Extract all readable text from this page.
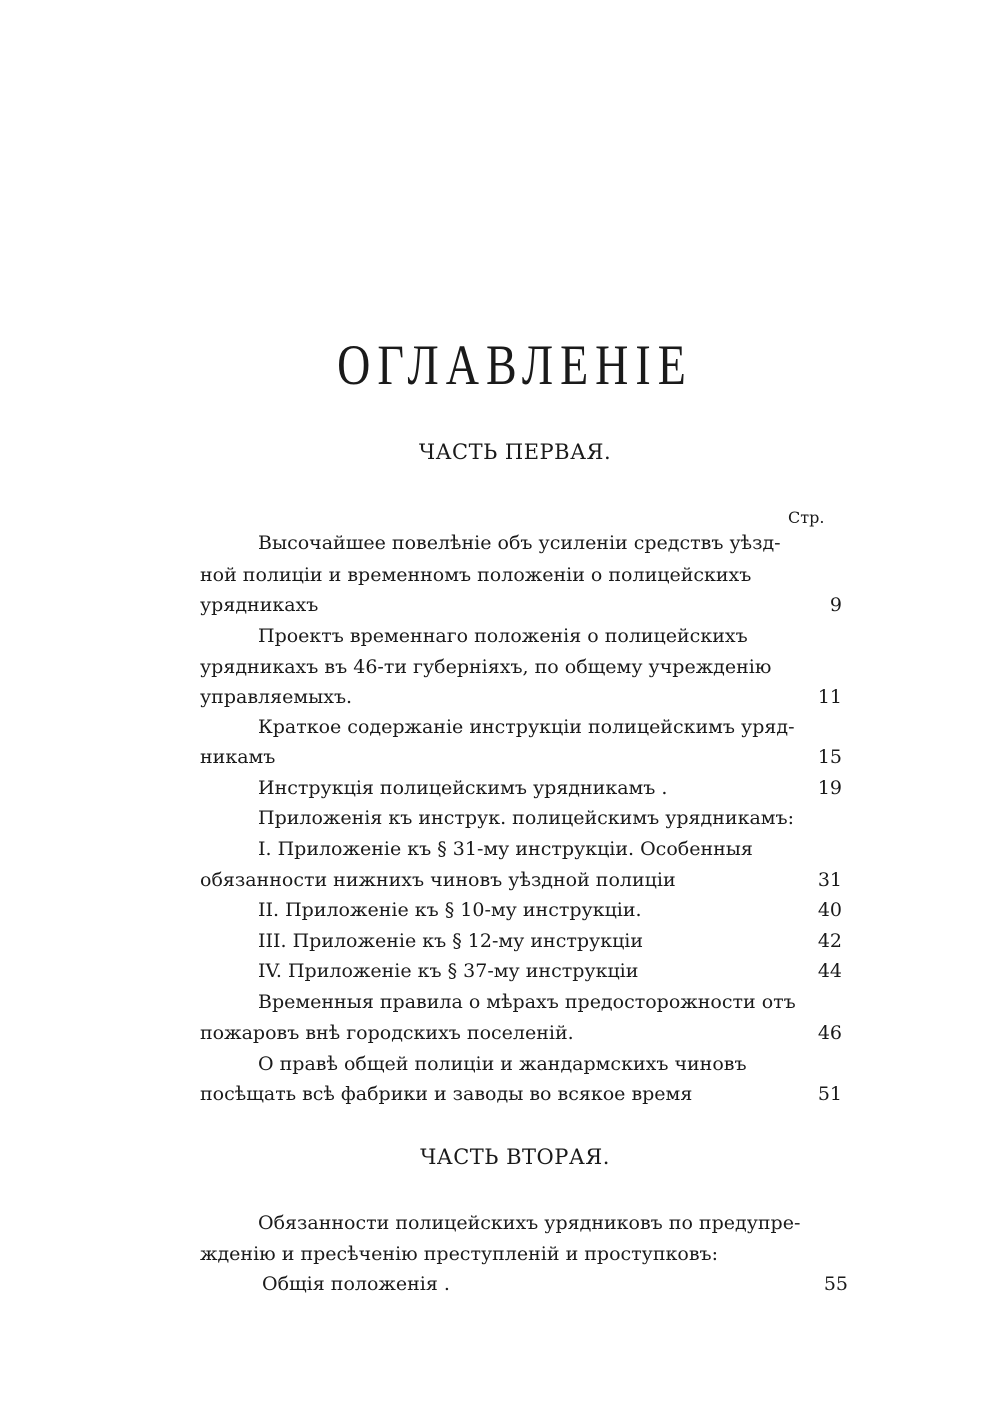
ОГЛАВЛЕНІЕ
ЧАСТЬ ПЕРВАЯ.
Стр.
Высочайшее повелѣніе объ усиленіи средствъ уѣзд-
ной полиціи и временномъ положеніи о полицейскихъ
урядникахъ	9
Проектъ временнаго положенія о полицейскихъ
урядникахъ въ 46-ти губерніяхъ, по общему учрежденію
управляемыхъ.	11
Краткое содержаніе инструкціи полицейскимъ уряд-
никамъ	15
Инструкція полицейскимъ урядникамъ .	19
Приложенія къ инструк. полицейскимъ урядникамъ:
I. Приложеніе къ § 31-му инструкціи. Особенныя
обязанности нижнихъ чиновъ уѣздной полиціи	31
II. Приложеніе къ § 10-му инструкціи.	40
III. Приложеніе къ § 12-му инструкціи	42
IV. Приложеніе къ § 37-му инструкціи	44
Временныя правила о мѣрахъ предосторожности отъ
пожаровъ внѣ городскихъ поселеній.	46
О правѣ общей полиціи и жандармскихъ чиновъ
посѣщать всѣ фабрики и заводы во всякое время	51
ЧАСТЬ ВТОРАЯ.
Обязанности полицейскихъ урядниковъ по предупре-
жденію и пресѣченію преступленій и проступковъ:
Общія положенія .	55
